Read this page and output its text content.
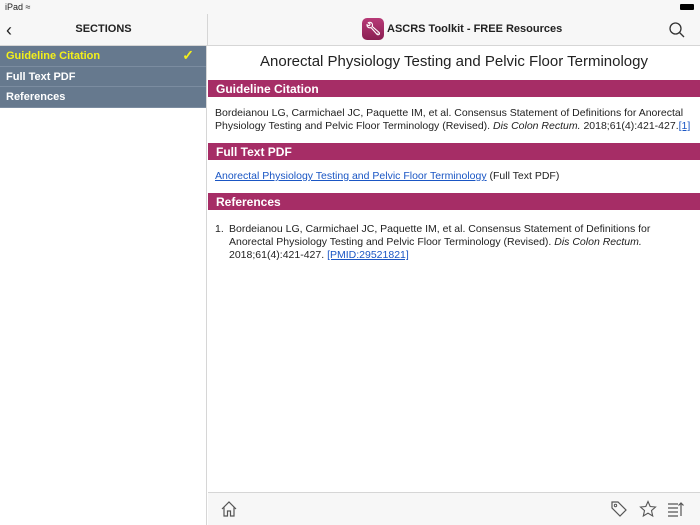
iPad ≈
‹	SECTIONS	🔧︎ ASCRS Toolkit - FREE Resources
Guideline Citation	✓
Full Text PDF
References
Anorectal Physiology Testing and Pelvic Floor Terminology
Guideline Citation
Bordeianou LG, Carmichael JC, Paquette IM, et al. Consensus Statement of Definitions for Anorectal Physiology Testing and Pelvic Floor Terminology (Revised). Dis Colon Rectum. 2018;61(4):421-427.[1]
Full Text PDF
Anorectal Physiology Testing and Pelvic Floor Terminology (Full Text PDF)
References
1. Bordeianou LG, Carmichael JC, Paquette IM, et al. Consensus Statement of Definitions for Anorectal Physiology Testing and Pelvic Floor Terminology (Revised). Dis Colon Rectum. 2018;61(4):421-427. [PMID:29521821]
